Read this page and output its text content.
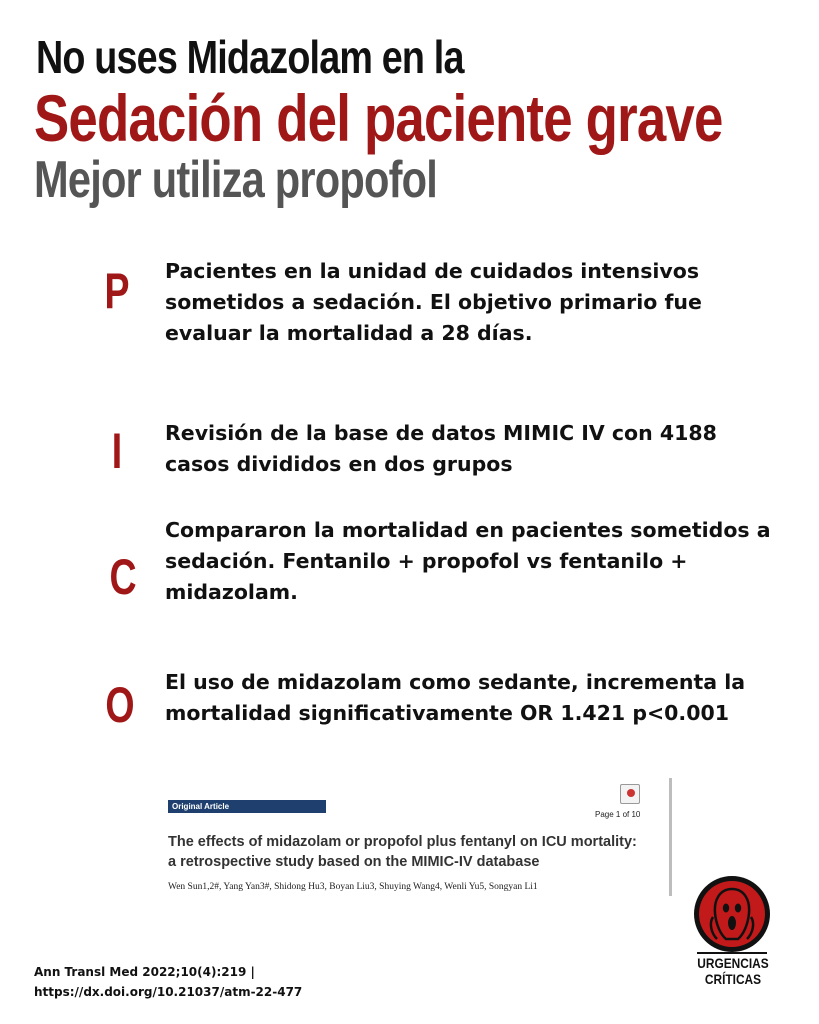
No uses Midazolam en la
Sedación del paciente grave
Mejor utiliza propofol
P Pacientes en la unidad de cuidados intensivos sometidos a sedación. El objetivo primario fue evaluar la mortalidad a 28 días.
I	Revisión de la base de datos MIMIC IV con 4188 casos divididos en dos grupos
C
Compararon la mortalidad en pacientes sometidos a sedación. Fentanilo + propofol vs fentanilo + midazolam.
O El uso de midazolam como sedante, incrementa la mortalidad significativamente OR 1.421 p<0.001
Original Article
Page 1 of 10
The effects of midazolam or propofol plus fentanyl on ICU mortality: a retrospective study based on the MIMIC-IV database
Wen Sun1,2#, Yang Yan3#, Shidong Hu3, Boyan Liu3, Shuying Wang4, Wenli Yu5, Songyan Li1
URGENCIAS
CRÍTICAS
Ann Transl Med 2022;10(4):219 |
https://dx.doi.org/10.21037/atm-22-477
